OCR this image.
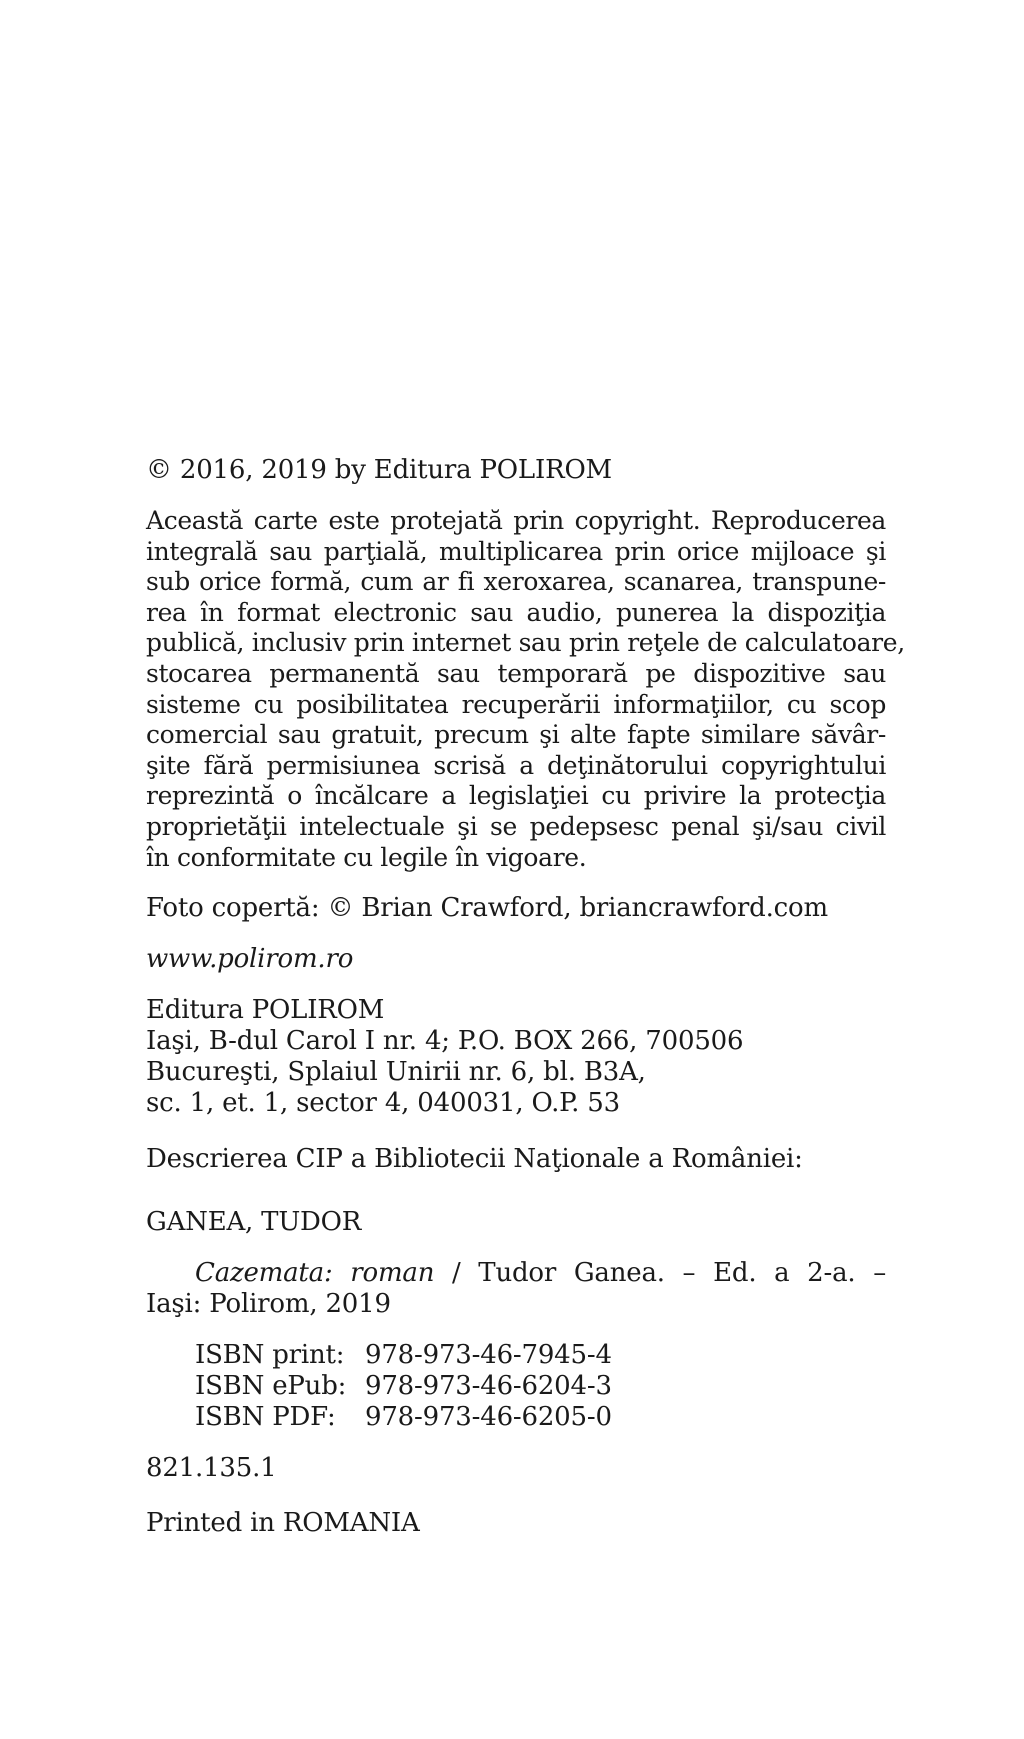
© 2016, 2019 by Editura POLIROM

Această carte este protejată prin copyright. Reproducerea
integrală sau parţială, multiplicarea prin orice mijloace şi
sub orice formă, cum ar fi xeroxarea, scanarea, transpune-
rea în format electronic sau audio, punerea la dispoziţia
publică, inclusiv prin internet sau prin reţele de calculatoare,
stocarea permanentă sau temporară pe dispozitive sau
sisteme cu posibilitatea recuperării informaţiilor, cu scop
comercial sau gratuit, precum şi alte fapte similare săvâr-
şite fără permisiunea scrisă a deţinătorului copyrightului
reprezintă o încălcare a legislaţiei cu privire la protecţia
proprietăţii intelectuale şi se pedepsesc penal şi/sau civil
în conformitate cu legile în vigoare.

Foto copertă: © Brian Crawford, briancrawford.com

www.polirom.ro

Editura POLIROM
Iaşi, B-dul Carol I nr. 4; P.O. BOX 266, 700506
Bucureşti, Splaiul Unirii nr. 6, bl. B3A,
sc. 1, et. 1, sector 4, 040031, O.P. 53

Descrierea CIP a Bibliotecii Naţionale a României:

GANEA, TUDOR

Cazemata: roman / Tudor Ganea. – Ed. a 2-a. –
Iaşi: Polirom, 2019
ISBN print: 978-973-46-7945-4
ISBN ePub: 978-973-46-6204-3
ISBN PDF: 978-973-46-6205-0

821.135.1

Printed in ROMANIA
